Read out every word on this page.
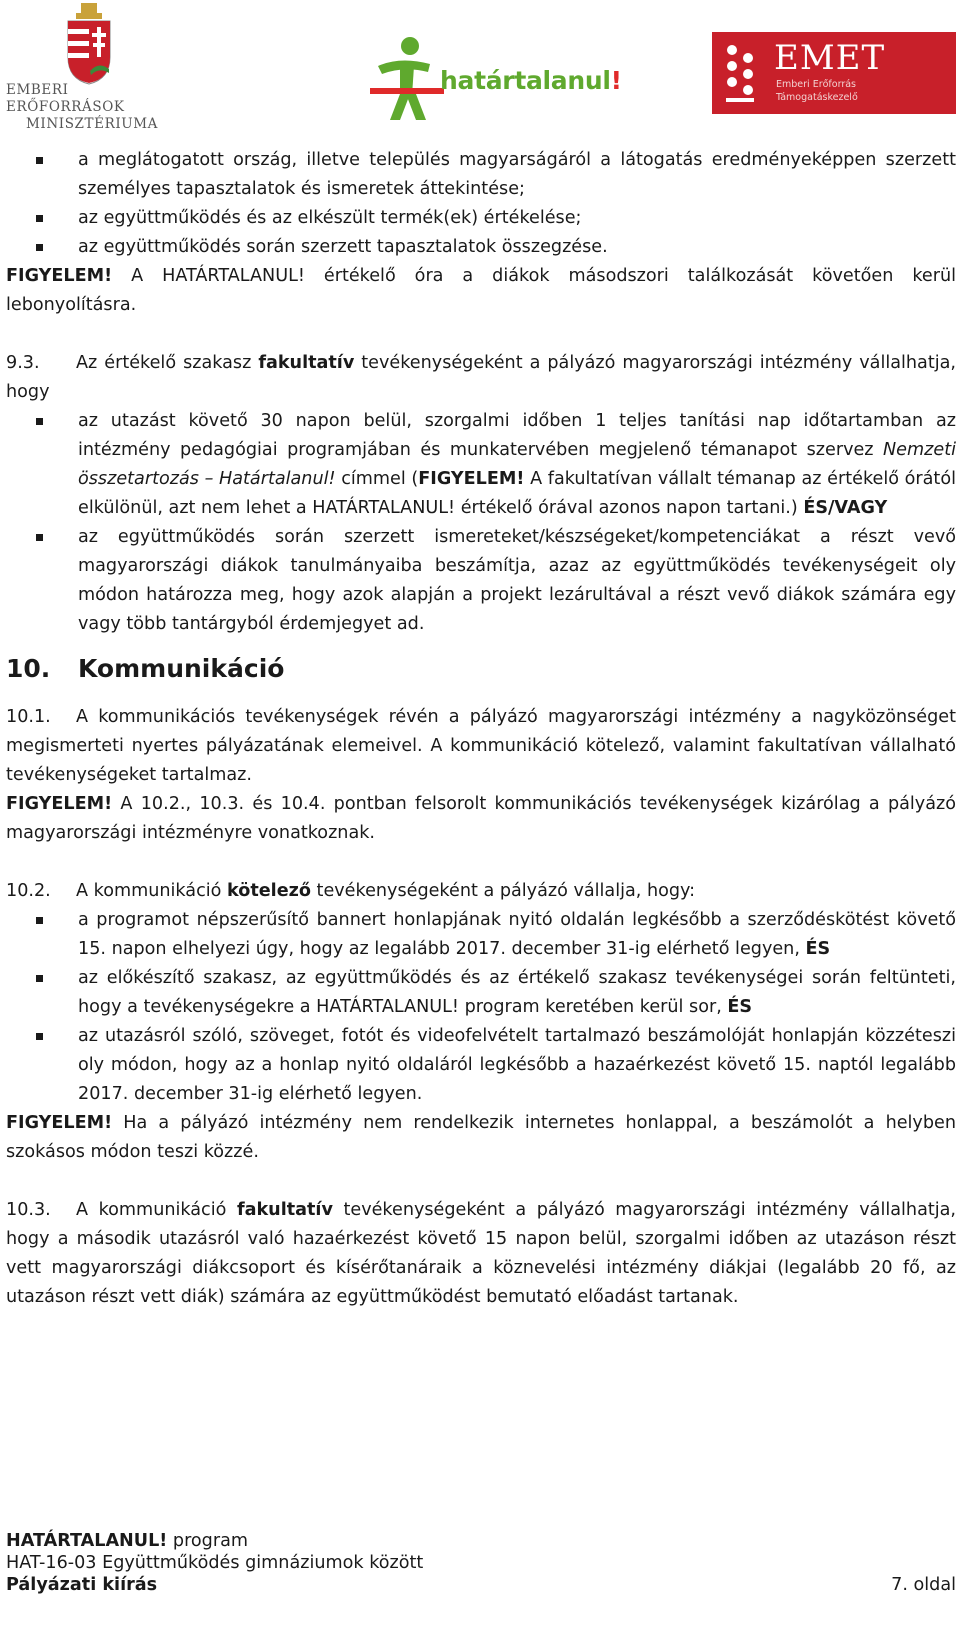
EMBERI ERŐFORRÁSOK
MINISZTÉRIUMA
határtalanul!
EMET
Emberi Erőforrás
Támogatáskezelő
a meglátogatott ország, illetve település magyarságáról a látogatás eredményeképpen szerzett személyes tapasztalatok és ismeretek áttekintése;
az együttműködés és az elkészült termék(ek) értékelése;
az együttműködés során szerzett tapasztalatok összegzése.

FIGYELEM! A HATÁRTALANUL! értékelő óra a diákok másodszori találkozását követően kerül lebonyolításra.

9.3. Az értékelő szakasz fakultatív tevékenységeként a pályázó magyarországi intézmény vállalhatja, hogy

az utazást követő 30 napon belül, szorgalmi időben 1 teljes tanítási nap időtartamban az intézmény pedagógiai programjában és munkatervében megjelenő témanapot szervez Nemzeti összetartozás – Határtalanul! címmel (FIGYELEM! A fakultatívan vállalt témanap az értékelő órától elkülönül, azt nem lehet a HATÁRTALANUL! értékelő órával azonos napon tartani.) ÉS/VAGY
az együttműködés során szerzett ismereteket/készségeket/kompetenciákat a részt vevő magyarországi diákok tanulmányaiba beszámítja, azaz az együttműködés tevékenységeit oly módon határozza meg, hogy azok alapján a projekt lezárultával a részt vevő diákok számára egy vagy több tantárgyból érdemjegyet ad.
10. Kommunikáció

10.1. A kommunikációs tevékenységek révén a pályázó magyarországi intézmény a nagyközönséget megismerteti nyertes pályázatának elemeivel. A kommunikáció kötelező, valamint fakultatívan vállalható tevékenységeket tartalmaz.

FIGYELEM! A 10.2., 10.3. és 10.4. pontban felsorolt kommunikációs tevékenységek kizárólag a pályázó magyarországi intézményre vonatkoznak.

10.2. A kommunikáció kötelező tevékenységeként a pályázó vállalja, hogy:

a programot népszerűsítő bannert honlapjának nyitó oldalán legkésőbb a szerződéskötést követő 15. napon elhelyezi úgy, hogy az legalább 2017. december 31-ig elérhető legyen, ÉS
az előkészítő szakasz, az együttműködés és az értékelő szakasz tevékenységei során feltünteti, hogy a tevékenységekre a HATÁRTALANUL! program keretében kerül sor, ÉS
az utazásról szóló, szöveget, fotót és videofelvételt tartalmazó beszámolóját honlapján közzéteszi oly módon, hogy az a honlap nyitó oldaláról legkésőbb a hazaérkezést követő 15. naptól legalább 2017. december 31-ig elérhető legyen.

FIGYELEM! Ha a pályázó intézmény nem rendelkezik internetes honlappal, a beszámolót a helyben szokásos módon teszi közzé.

10.3. A kommunikáció fakultatív tevékenységeként a pályázó magyarországi intézmény vállalhatja, hogy a második utazásról való hazaérkezést követő 15 napon belül, szorgalmi időben az utazáson részt vett magyarországi diákcsoport és kísérőtanáraik a köznevelési intézmény diákjai (legalább 20 fő, az utazáson részt vett diák) számára az együttműködést bemutató előadást tartanak.

HATÁRTALANUL! program
HAT-16-03 Együttműködés gimnáziumok között
Pályázati kiírás	7. oldal
